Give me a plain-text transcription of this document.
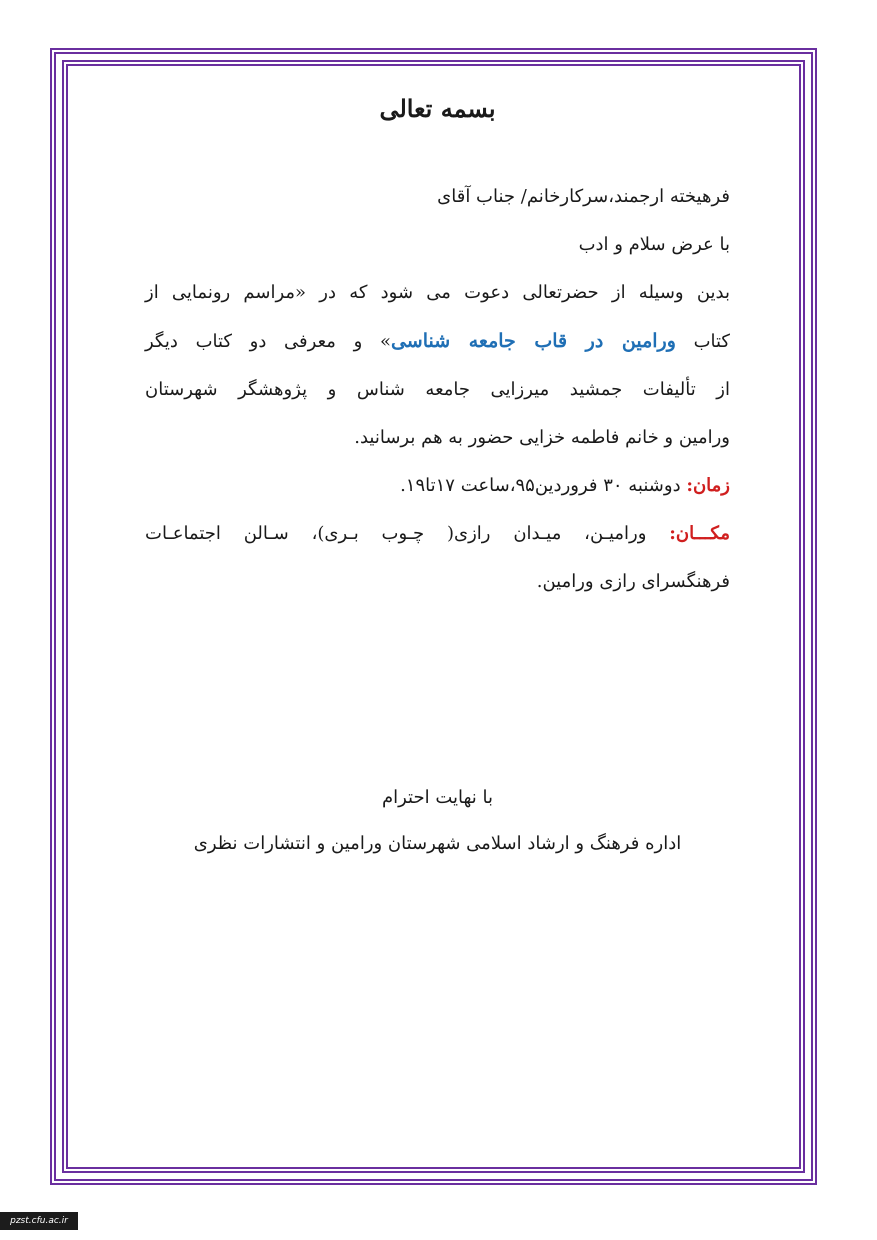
بسمه تعالی

فرهیخته ارجمند،سرکارخانم/ جناب آقای

با عرض سلام و ادب

بدین وسیله از حضرتعالی دعوت می شود که در «مراسم رونمایی از

کتاب ورامین در قاب جامعه شناسی» و معرفی دو کتاب دیگر

از تألیفات جمشید میرزایی جامعه شناس و پژوهشگر شهرستان

ورامین و خانم فاطمه خزایی حضور به هم برسانید.

زمان: دوشنبه ۳۰ فروردین۹۵،ساعت ۱۷تا۱۹.

مکـــان: ورامیـن، میـدان رازی( چـوب بـری)، سـالن اجتماعـات

فرهنگسرای رازی ورامین.

با نهایت احترام

اداره فرهنگ و ارشاد اسلامی شهرستان ورامین و انتشارات نظری

pzst.cfu.ac.ir
